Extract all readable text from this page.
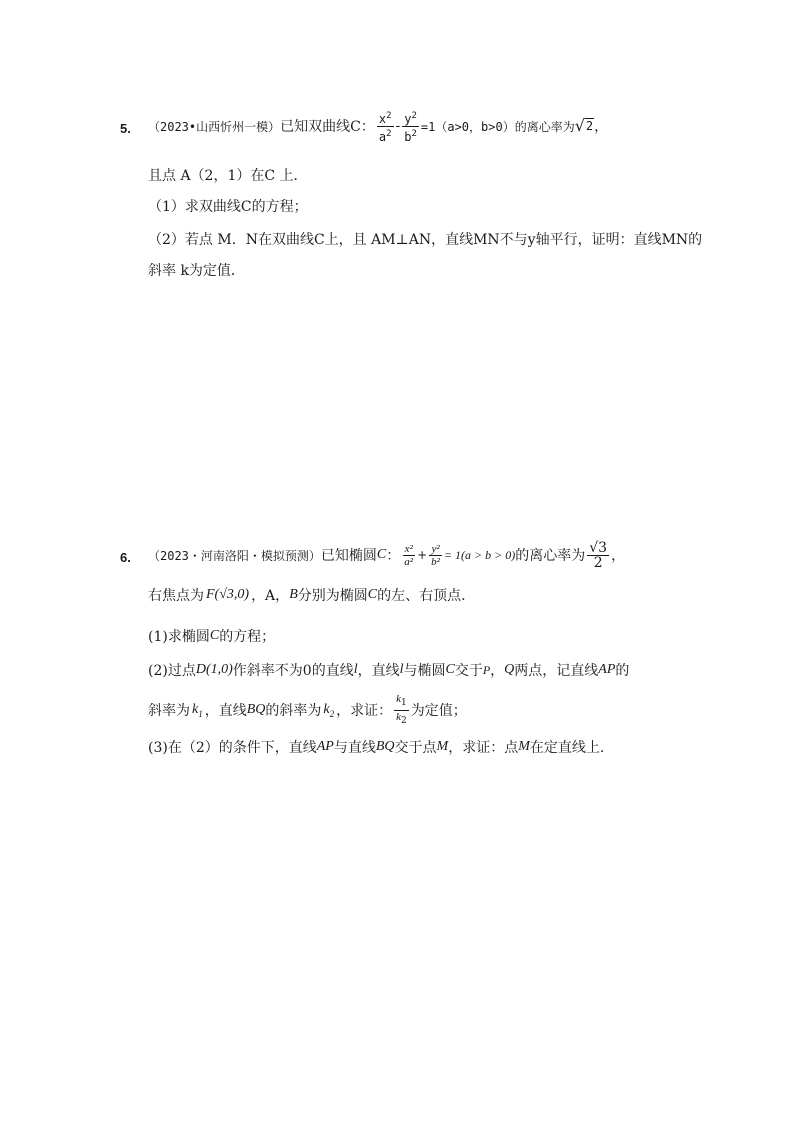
5. （2023•山西忻州一模） 已知双曲线C： $\frac{x^2}{a^2} - \frac{y^2}{b^2} =1(a>0$，b>0）的离心率为 √ 2 ，
且点 A（2，1）在C 上．
（1）求双曲线C的方程；
（2）若点 M．N在双曲线C上，且 AM⊥AN，直线MN不与y轴平行，证明：直线MN的
斜率 k为定值．
6. （2023・河南洛阳・模拟预测） 已知椭圆 C ： $\frac{\text{x²}}{\text{a²}} + \frac{\text{y²}}{\text{b²}} = 1(a > b > 0)$ 的离心率为 $\frac{√3}{2}$ ，
右焦点为 F(√3,0) ，A， B 分别为椭圆 C 的左、右顶点.
(1)求椭圆 C 的方程；
(2)过点 D(1,0) 作斜率不为0的直线 l ，直线 l 与椭圆 C 交于 P ， Q 两点，记直线 AP 的
斜率为 $k_1$ ，直线 BQ 的斜率为 $k_2$ ，求证： $\frac{k_1}{k_2}$ 为定值；
(3)在（2）的条件下，直线 AP 与直线 BQ 交于点 M ，求证：点 M 在定直线上.
